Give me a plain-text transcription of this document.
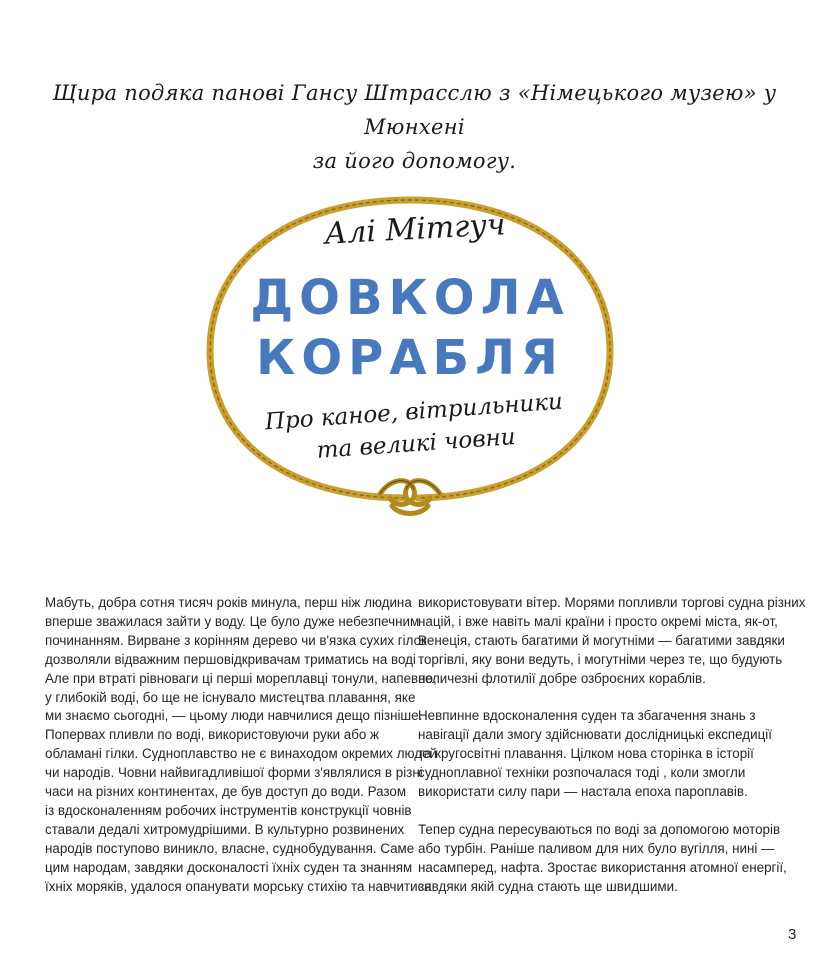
Щира подяка панові Гансу Штрасслю з «Німецького музею» у Мюнхені
за його допомогу.
Алі Мітгуч
ДОВКОЛА
КОРАБЛЯ
Про каное, вітрильники
та великі човни

Мабуть, добра сотня тисяч років минула, перш ніж людина
вперше зважилася зайти у воду. Це було дуже небезпечним
починанням. Вирване з корінням дерево чи в'язка сухих гілок
дозволяли відважним першовідкривачам триматись на воді .
Але при втраті рівноваги ці перші мореплавці тонули, напевно,
у глибокій воді, бо ще не існувало мистецтва плавання, яке
ми знаємо сьогодні, — цьому люди навчилися дещо пізніше.
Поперваx пливли по воді, використовуючи руки або ж
обламані гілки. Судноплавство не є винаходом окремих людей
чи народів. Човни найвигадливішої форми з'являлися в різні
часи на різних континентах, де був доступ до води. Разом
із вдосконаленням робочих інструментів конструкції човнів
ставали дедалі хитромудрішими. В культурно розвинених
народів поступово виникло, власне, суднобудування. Саме
цим народам, завдяки досконалості їхніх суден та знанням
їхніх моряків, удалося опанувати морську стихію та навчитися

використовувати вітер. Морями попливли торгові судна різних
націй, і вже навіть малі країни і просто окремі міста, як-от,
Венеція, стають багатими й могутніми — багатими завдяки
торгівлі, яку вони ведуть, і могутніми через те, що будують
величезні флотилії добре озброєних кораблів.

Невпинне вдосконалення суден та збагачення знань з
навігації дали змогу здійснювати дослідницькі експедиції
та кругосвітні плавання. Цілком нова сторінка в історії
судноплавної техніки розпочалася тоді , коли змогли
використати силу пари — настала епоха пароплавів.

Тепер судна пересуваються по воді за допомогою моторів
або турбін. Раніше паливом для них було вугілля, нині —
насамперед, нафта. Зростає використання атомної енергії,
завдяки якій судна стають ще швидшими.

3
